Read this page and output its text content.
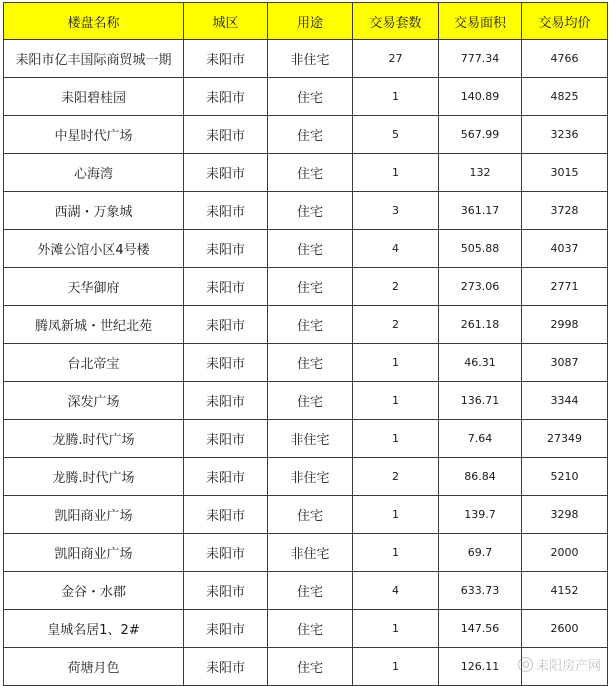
楼盘名称	城区	用途	交易套数	交易面积	交易均价
耒阳市亿丰国际商贸城一期	耒阳市	非住宅	27	777.34	4766
耒阳碧桂园	耒阳市	住宅	1	140.89	4825
中星时代广场	耒阳市	住宅	5	567.99	3236
心海湾	耒阳市	住宅	1	132	3015
西湖・万象城	耒阳市	住宅	3	361.17	3728
外滩公馆小区4号楼	耒阳市	住宅	4	505.88	4037
天华御府	耒阳市	住宅	2	273.06	2771
腾凤新城・世纪北苑	耒阳市	住宅	2	261.18	2998
台北帝宝	耒阳市	住宅	1	46.31	3087
深发广场	耒阳市	住宅	1	136.71	3344
龙腾.时代广场	耒阳市	非住宅	1	7.64	27349
龙腾.时代广场	耒阳市	非住宅	2	86.84	5210
凯阳商业广场	耒阳市	住宅	1	139.7	3298
凯阳商业广场	耒阳市	非住宅	1	69.7	2000
金谷・水郡	耒阳市	住宅	4	633.73	4152
皇城名居1、2#	耒阳市	住宅	1	147.56	2600
荷塘月色	耒阳市	住宅	1	126.11		耒阳房产网
